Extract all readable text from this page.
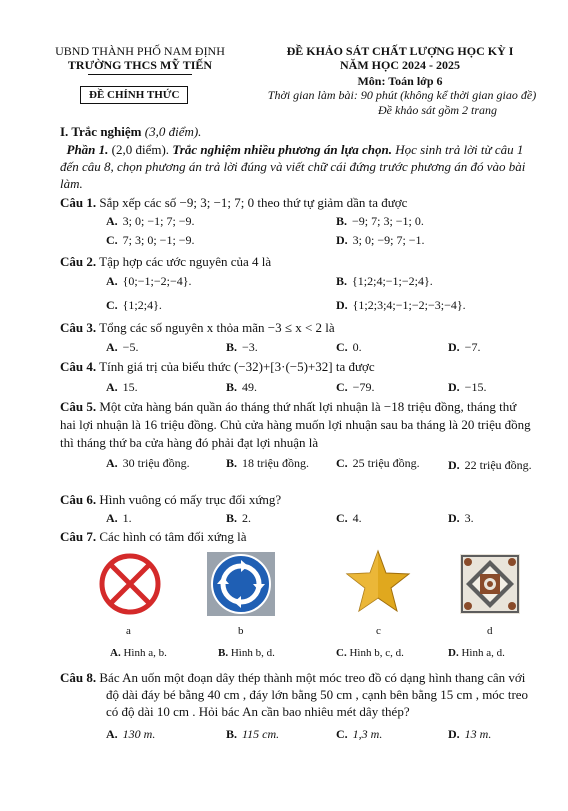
UBND THÀNH PHỐ NAM ĐỊNH
TRƯỜNG THCS MỸ TIẾN
ĐỀ CHÍNH THỨC
ĐỀ KHẢO SÁT CHẤT LƯỢNG HỌC KỲ I
NĂM HỌC 2024 - 2025
Môn: Toán lớp 6
Thời gian làm bài: 90 phút (không kể thời gian giao đề)
Đề khảo sát gồm 2 trang
I. Trắc nghiệm (3,0 điểm).
Phần 1. (2,0 điểm). Trắc nghiệm nhiều phương án lựa chọn. Học sinh trả lời từ câu 1 đến câu 8, chọn phương án trả lời đúng và viết chữ cái đứng trước phương án đó vào bài làm.
Câu 1. Sắp xếp các số −9; 3; −1; 7; 0 theo thứ tự giảm dần ta được
A. 3; 0; −1; 7; −9.	B. −9; 7; 3; −1; 0.
C. 7; 3; 0; −1; −9.	D. 3; 0; −9; 7; −1.
Câu 2. Tập hợp các ước nguyên của 4 là
A. {0;−1;−2;−4}.	B. {1;2;4;−1;−2;4}.
C. {1;2;4}.	D. {1;2;3;4;−1;−2;−3;−4}.
Câu 3. Tổng các số nguyên x thỏa mãn −3 ≤ x < 2 là
A. −5.	B. −3.	C. 0.	D. −7.
Câu 4. Tính giá trị của biểu thức (−32)+[3·(−5)+32] ta được
A. 15.	B. 49.	C. −79.	D. −15.
Câu 5. Một cửa hàng bán quần áo tháng thứ nhất lợi nhuận là −18 triệu đồng, tháng thứ hai lợi nhuận là 16 triệu đồng. Chủ cửa hàng muốn lợi nhuận sau ba tháng là 20 triệu đồng thì tháng thứ ba cửa hàng đó phải đạt lợi nhuận là
A. 30 triệu đồng.	B. 18 triệu đồng. C. 25 triệu đồng.	D. 22 triệu đồng.
Câu 6. Hình vuông có mấy trục đối xứng?
A. 1.	B. 2.	C. 4.	D. 3.
Câu 7. Các hình có tâm đối xứng là
a	b	c	d
A. Hình a, b.	B. Hình b, d.	C. Hình b, c, d.	D. Hình a, d.
Câu 8. Bác An uốn một đoạn dây thép thành một móc treo đồ có dạng hình thang cân với độ dài đáy bé bằng 40 cm , đáy lớn bằng 50 cm , cạnh bên bằng 15 cm , móc treo có độ dài 10 cm . Hỏi bác An cần bao nhiêu mét dây thép?
A. 130 m.	B. 115 cm.	C. 1,3 m.	D. 13 m.
